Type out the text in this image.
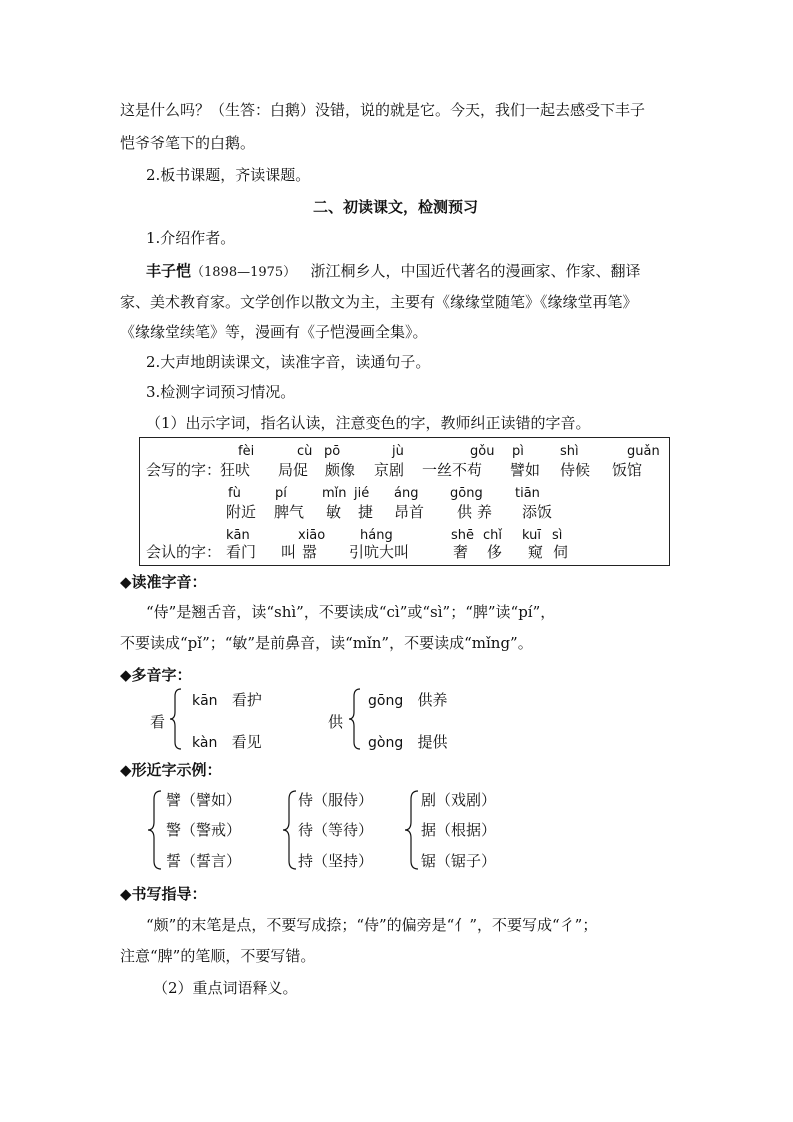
这是什么吗？（生答：白鹅）没错，说的就是它。今天，我们一起去感受下丰子
恺爷爷笔下的白鹅。
2.板书课题，齐读课题。
二、初读课文，检测预习
1.介绍作者。
丰子恺（1898—1975） 浙江桐乡人，中国近代著名的漫画家、作家、翻译
家、美术教育家。文学创作以散文为主，主要有《缘缘堂随笔》《缘缘堂再笔》
《缘缘堂续笔》等，漫画有《子恺漫画全集》。
2.大声地朗读课文，读准字音，读通句子。
3.检测字词预习情况。
（1）出示字词，指名认读，注意变色的字，教师纠正读错的字音。
会写的字：
fèi
狂吠
cù
局促
pō
颇像
jù
京剧
gǒu
一丝不苟
pì
譬如
shì
侍候
guǎn
饭馆
fù
附近
pí
脾气
mǐn
敏
jié
捷
áng
昂首
gōng
供养
tiān
添饭
会认的字：
kān
看门
xiāo
叫嚣
háng
引吭大叫
shē
奢
chǐ
侈
kuī
窥
sì
伺
◆读准字音：
“侍”是翘舌音，读“shì”，不要读成“cì”或“sì”；“脾”读“pí”，
不要读成“pǐ”；“敏”是前鼻音，读“mǐn”，不要读成“mǐng”。
◆多音字：
看
kān 看护
kàn 看见
供
gōng 供养
gòng 提供
◆形近字示例：
譬（譬如）
警（警戒）
誓（誓言）
侍（服侍）
待（等待）
持（坚持）
剧（戏剧）
据（根据）
锯（锯子）
◆书写指导：
“颇”的末笔是点，不要写成捺；“侍”的偏旁是“亻”，不要写成“彳”；
注意“脾”的笔顺，不要写错。
（2）重点词语释义。
